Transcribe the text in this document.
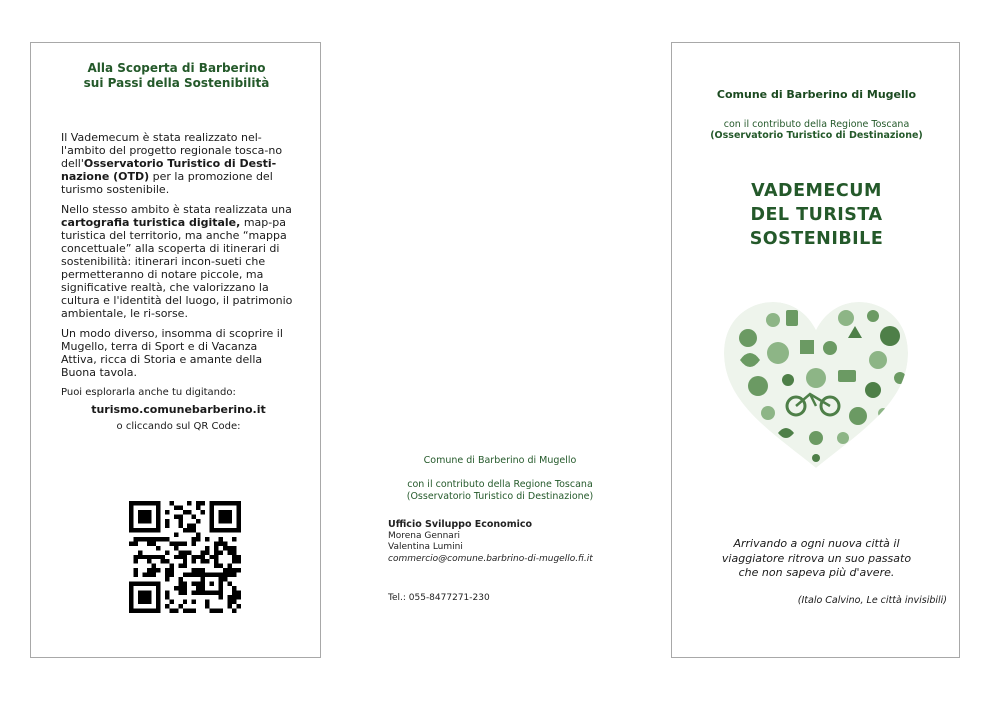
Alla Scoperta di Barberino
sui Passi della Sostenibilità

Il Vademecum è stata realizzato nel-l'ambito del progetto regionale tosca-no dell'Osservatorio Turistico di Desti-nazione (OTD) per la promozione del turismo sostenibile.

Nello stesso ambito è stata realizzata una cartografia turistica digitale, map-pa turistica del territorio, ma anche “mappa concettuale” alla scoperta di itinerari di sostenibilità: itinerari incon-sueti che permetteranno di notare piccole, ma significative realtà, che valorizzano la cultura e l'identità del luogo, il patrimonio ambientale, le ri-sorse.

Un modo diverso, insomma di scoprire il Mugello, terra di Sport e di Vacanza Attiva, ricca di Storia e amante della Buona tavola.

Puoi esplorarla anche tu digitando:
turismo.comunebarberino.it
o cliccando sul QR Code:
Comune di Barberino di Mugello
con il contributo della Regione Toscana
(Osservatorio Turistico di Destinazione)
Ufficio Sviluppo Economico
Morena Gennari
Valentina Lumini
commercio@comune.barbrino-di-mugello.fi.it
Tel.: 055-8477271-230
Comune di Barberino di Mugello
con il contributo della Regione Toscana
(Osservatorio Turistico di Destinazione)
VADEMECUM
DEL TURISTA
SOSTENIBILE
Arrivando a ogni nuova città il
viaggiatore ritrova un suo passato
che non sapeva più d'avere.
(Italo Calvino, Le città invisibili)
